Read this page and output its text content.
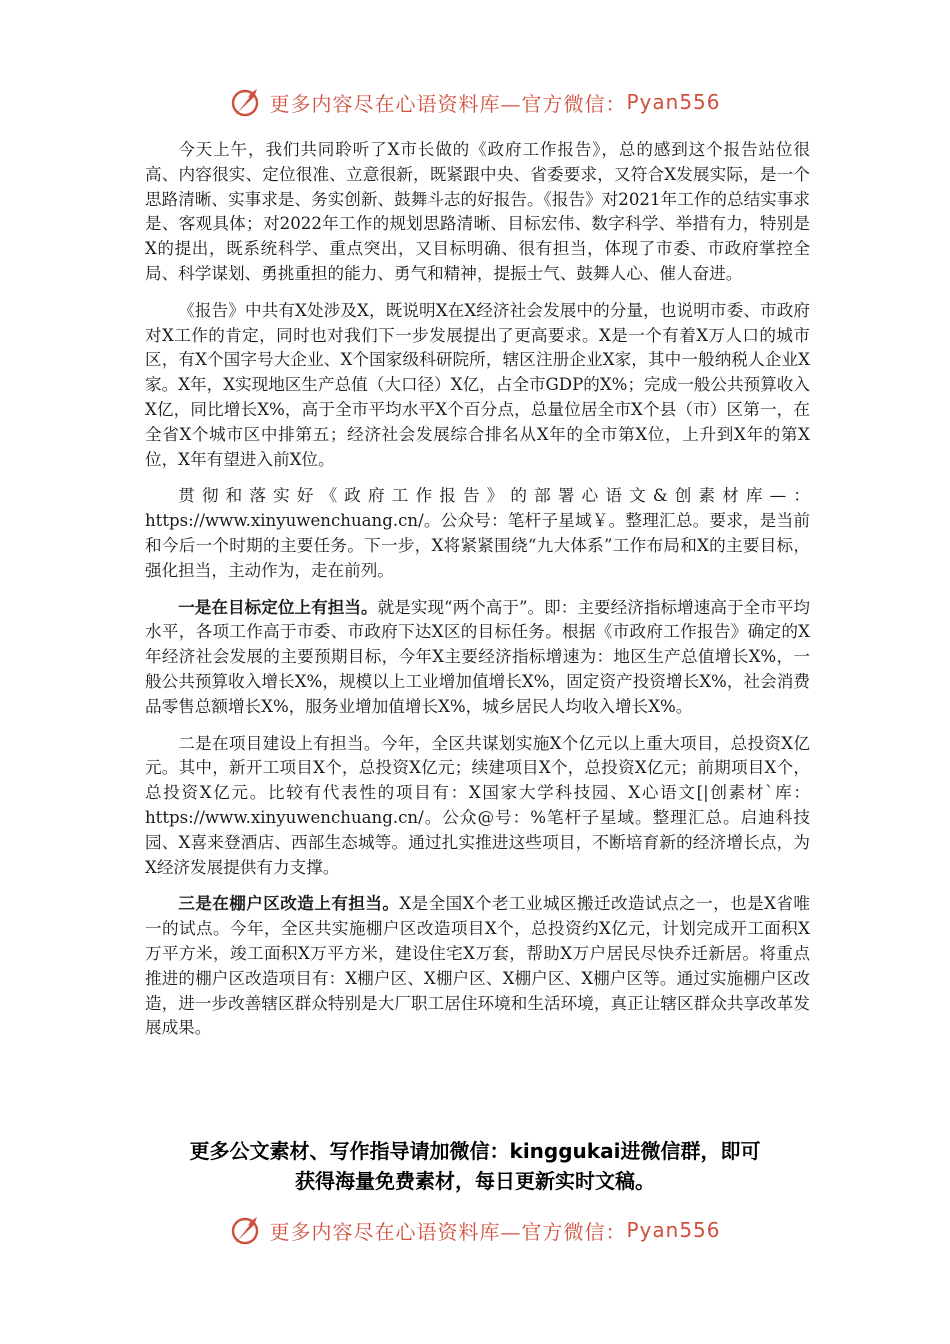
更多内容尽在心语资料库—官方微信： Pyan556

今天上午，我们共同聆听了X市长做的《政府工作报告》，总的感到这个报告站位很高、内容很实、定位很准、立意很新，既紧跟中央、省委要求，又符合X发展实际，是一个思路清晰、实事求是、务实创新、鼓舞斗志的好报告。《报告》对2021年工作的总结实事求是、客观具体；对2022年工作的规划思路清晰、目标宏伟、数字科学、举措有力，特别是X的提出，既系统科学、重点突出，又目标明确、很有担当，体现了市委、市政府掌控全局、科学谋划、勇挑重担的能力、勇气和精神，提振士气、鼓舞人心、催人奋进。

《报告》中共有X处涉及X，既说明X在X经济社会发展中的分量，也说明市委、市政府对X工作的肯定，同时也对我们下一步发展提出了更高要求。X是一个有着X万人口的城市区，有X个国字号大企业、X个国家级科研院所，辖区注册企业X家，其中一般纳税人企业X家。X年，X实现地区生产总值（大口径）X亿，占全市GDP的X%；完成一般公共预算收入X亿，同比增长X%，高于全市平均水平X个百分点，总量位居全市X个县（市）区第一，在全省X个城市区中排第五；经济社会发展综合排名从X年的全市第X位，上升到X年的第X位，X年有望进入前X位。

贯彻和落实好《政府工作报告》的部署心语文&创素材库—：https://www.xinyuwenchuang.cn/。公众号：笔杆子星域￥。整理汇总。要求，是当前和今后一个时期的主要任务。下一步，X将紧紧围绕“九大体系”工作布局和X的主要目标，强化担当，主动作为，走在前列。

一是在目标定位上有担当。就是实现“两个高于”。即：主要经济指标增速高于全市平均水平，各项工作高于市委、市政府下达X区的目标任务。根据《市政府工作报告》确定的X年经济社会发展的主要预期目标，今年X主要经济指标增速为：地区生产总值增长X%，一般公共预算收入增长X%，规模以上工业增加值增长X%，固定资产投资增长X%，社会消费品零售总额增长X%，服务业增加值增长X%，城乡居民人均收入增长X%。

二是在项目建设上有担当。今年，全区共谋划实施X个亿元以上重大项目，总投资X亿元。其中，新开工项目X个，总投资X亿元；续建项目X个，总投资X亿元；前期项目X个，总投资X亿元。比较有代表性的项目有：X国家大学科技园、X心语文[|创素材`库：https://www.xinyuwenchuang.cn/。公众@号：%笔杆子星域。整理汇总。启迪科技园、X喜来登酒店、西部生态城等。通过扎实推进这些项目，不断培育新的经济增长点，为X经济发展提供有力支撑。

三是在棚户区改造上有担当。X是全国X个老工业城区搬迁改造试点之一，也是X省唯一的试点。今年，全区共实施棚户区改造项目X个，总投资约X亿元，计划完成开工面积X万平方米，竣工面积X万平方米，建设住宅X万套，帮助X万户居民尽快乔迁新居。将重点推进的棚户区改造项目有：X棚户区、X棚户区、X棚户区、X棚户区等。通过实施棚户区改造，进一步改善辖区群众特别是大厂职工居住环境和生活环境，真正让辖区群众共享改革发展成果。

更多公文素材、写作指导请加微信：kinggukai进微信群，即可
获得海量免费素材，每日更新实时文稿。
更多内容尽在心语资料库—官方微信： Pyan556
